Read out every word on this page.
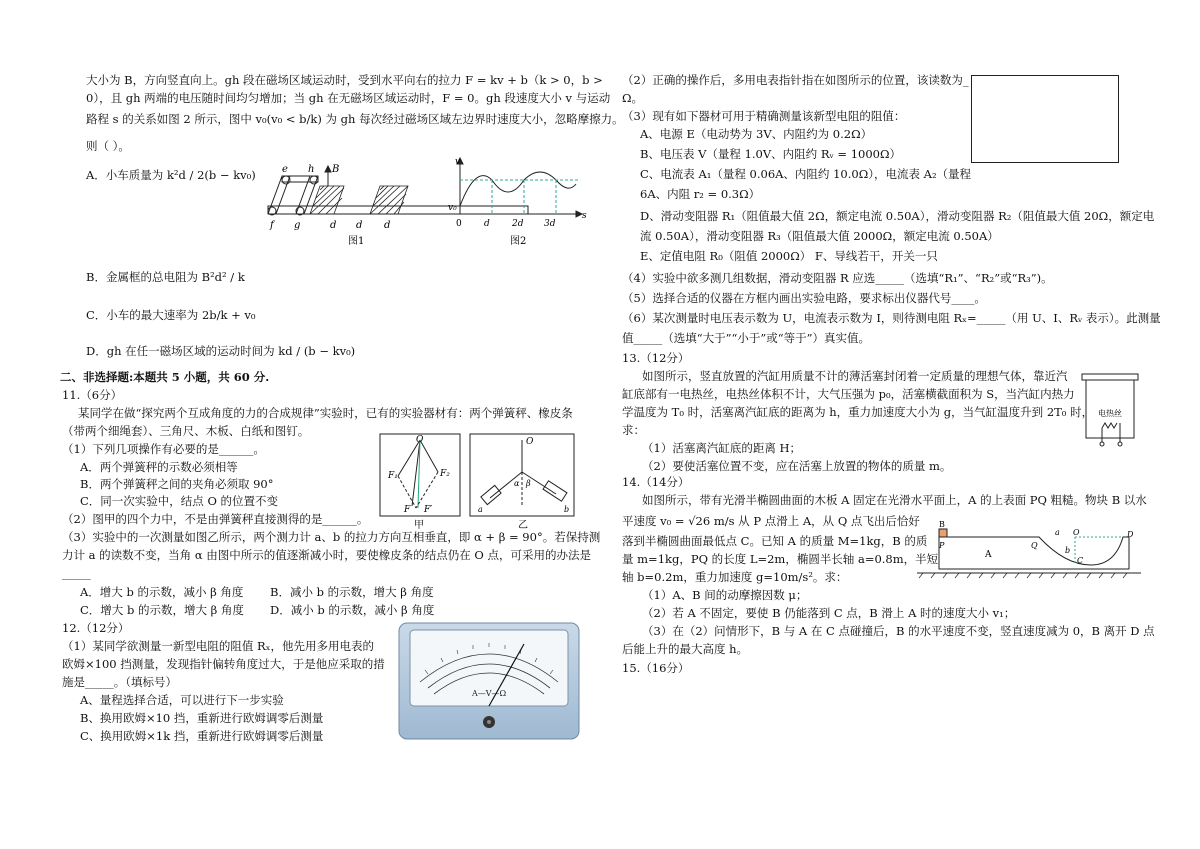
大小为 B，方向竖直向上。gh 段在磁场区域运动时，受到水平向右的拉力 F = kv + b（k > 0，b >
0），且 gh 两端的电压随时间均匀增加；当 gh 在无磁场区域运动时，F = 0。gh 段速度大小 v 与运动
路程 s 的关系如图 2 所示，图中 v₀(v₀ < b/k) 为 gh 每次经过磁场区域左边界时速度大小，忽略摩擦力。
则（ ）。
A．小车质量为 k²d / 2(b − kv₀)	e h B
f g	d d d
图1
v
s
v₀
0 d 2d 3d
图2
B．金属框的总电阻为 B²d² / k
C．小车的最大速率为 2b/k + v₀
D．gh 在任一磁场区域的运动时间为 kd / (b − kv₀)
二、非选择题:本题共 5 小题，共 60 分.
11.（6分）
某同学在做“探究两个互成角度的力的合成规律”实验时，已有的实验器材有：两个弹簧秤、橡皮条
（带两个细绳套）、三角尺、木板、白纸和图钉。
（1）下列几项操作有必要的是______。
A．两个弹簧秤的示数必须相等
B．两个弹簧秤之间的夹角必须取 90°
C．同一次实验中，结点 O 的位置不变
（2）图甲的四个力中，不是由弹簧秤直接测得的是______。
O
F₁	F₂
F F′
甲
O
α β
a	b
乙
（3）实验中的一次测量如图乙所示，两个测力计 a、b 的拉力方向互相垂直，即 α + β = 90°。若保持测
力计 a 的读数不变，当角 α 由图中所示的值逐渐减小时，要使橡皮条的结点仍在 O 点，可采用的办法是
_____
A．增大 b 的示数，减小 β 角度 B．减小 b 的示数，增大 β 角度
C．增大 b 的示数，增大 β 角度 D．减小 b 的示数，减小 β 角度
12.（12分）
（1）某同学欲测量一新型电阻的阻值 Rₓ，他先用多用电表的
欧姆×100 挡测量，发现指针偏转角度过大，于是他应采取的措
施是_____。（填标号）
A、量程选择合适，可以进行下一步实验
B、换用欧姆×10 挡，重新进行欧姆调零后测量
C、换用欧姆×1k 挡，重新进行欧姆调零后测量
A—V—Ω
（2）正确的操作后，多用电表指针指在如图所示的位置，该读数为_
Ω。
（3）现有如下器材可用于精确测量该新型电阻的阻值：
A、电源 E（电动势为 3V、内阻约为 0.2Ω）
B、电压表 V（量程 1.0V、内阻约 Rᵥ = 1000Ω）
C、电流表 A₁（量程 0.06A、内阻约 10.0Ω），电流表 A₂（量程
6A、内阻 r₂ = 0.3Ω）
D、滑动变阻器 R₁（阻值最大值 2Ω，额定电流 0.50A），滑动变阻器 R₂（阻值最大值 20Ω，额定电
流 0.50A），滑动变阻器 R₃（阻值最大值 2000Ω，额定电流 0.50A）
E、定值电阻 R₀（阻值 2000Ω） F、导线若干，开关一只
（4）实验中欲多测几组数据，滑动变阻器 R 应选_____（选填“R₁”、“R₂”或“R₃”)。
（5）选择合适的仪器在方框内画出实验电路，要求标出仪器代号____。
（6）某次测量时电压表示数为 U，电流表示数为 I，则待测电阻 Rₓ=_____（用 U、I、Rᵥ 表示）。此测量
值_____（选填“大于”“小于”或“等于”）真实值。
13.（12分）
如图所示，竖直放置的汽缸用质量不计的薄活塞封闭着一定质量的理想气体，靠近汽
缸底部有一电热丝，电热丝体积不计，大气压强为 p₀，活塞横截面积为 S，当汽缸内热力
学温度为 T₀ 时，活塞离汽缸底的距离为 h，重力加速度大小为 g，当气缸温度升到 2T₀ 时，
求：
（1）活塞离汽缸底的距离 H；
（2）要使活塞位置不变，应在活塞上放置的物体的质量 m。
电热丝
14.（14分）
如图所示，带有光滑半椭圆曲面的木板 A 固定在光滑水平面上，A 的上表面 PQ 粗糙。物块 B 以水
平速度 v₀ = √26 m/s 从 P 点滑上 A，从 Q 点飞出后恰好
落到半椭圆曲面最低点 C。已知 A 的质量 M=1kg，B 的质
量 m=1kg，PQ 的长度 L=2m，椭圆半长轴 a=0.8m，半短
轴 b=0.2m，重力加速度 g=10m/s²。求：
（1）A、B 间的动摩擦因数 μ；
（2）若 A 不固定，要使 B 仍能落到 C 点，B 滑上 A 时的速度大小 v₁；
（3）在（2）问情形下，B 与 A 在 C 点碰撞后，B 的水平速度不变，竖直速度减为 0，B 离开 D 点
后能上升的最大高度 h。
B
P
A
Q
a O
b
C
D
15.（16分）
